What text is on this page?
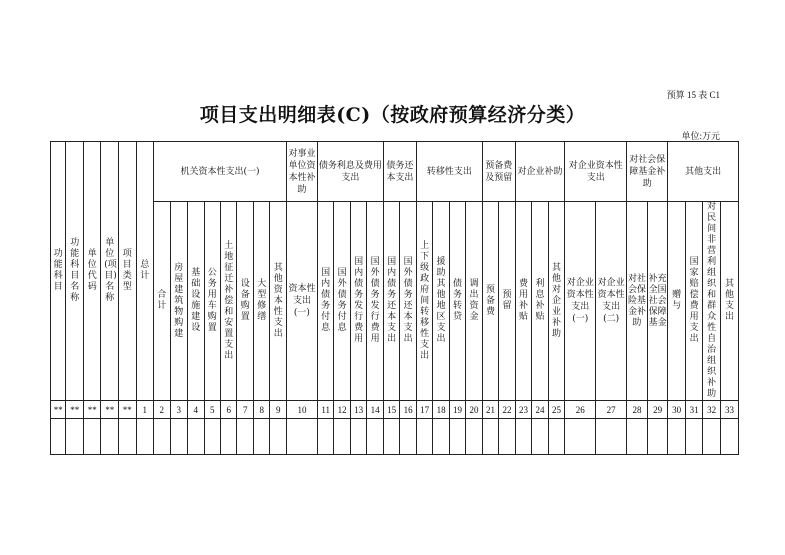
预算 15 表 C1
项目支出明细表(C)（按政府预算经济分类）
单位:万元
功能科目	功能科目名称	单位代码	单位(项目)名称	项目类型	总计	机关资本性支出(一)								对事业单位资本性补助	债务利息及费用支出				债务还本支出		转移性支出				预备费及预留		对企业补助			对企业资本性支出		对社会保障基金补助		其他支出			
						合计	房屋建筑物购建	基础设施建设	公务用车购置	土地征迁补偿和安置支出	设备购置	大型修缮	其他资本性支出	资本性支出(一)	国内债务付息	国外债务付息	国内债务发行费用	国外债务发行费用	国内债务还本支出	国外债务还本支出	上下级政府间转移性支出	援助其他地区支出	债务转贷	调出资金	预备费	预留	费用补贴	利息补贴	其他对企业补助	对企业资本性支出(一)	对企业资本性支出(二)	对社会保险基金补助	补充全国社会保障基金	赠与	国家赔偿费用支出	对民间非营利组织和群众性自治组织补助	其他支出
**	**	**	**	**	1	2	3	4	5	6	7	8	9	10	11	12	13	14	15	16	17	18	19	20	21	22	23	24	25	26	27	28	29	30	31	32	33
